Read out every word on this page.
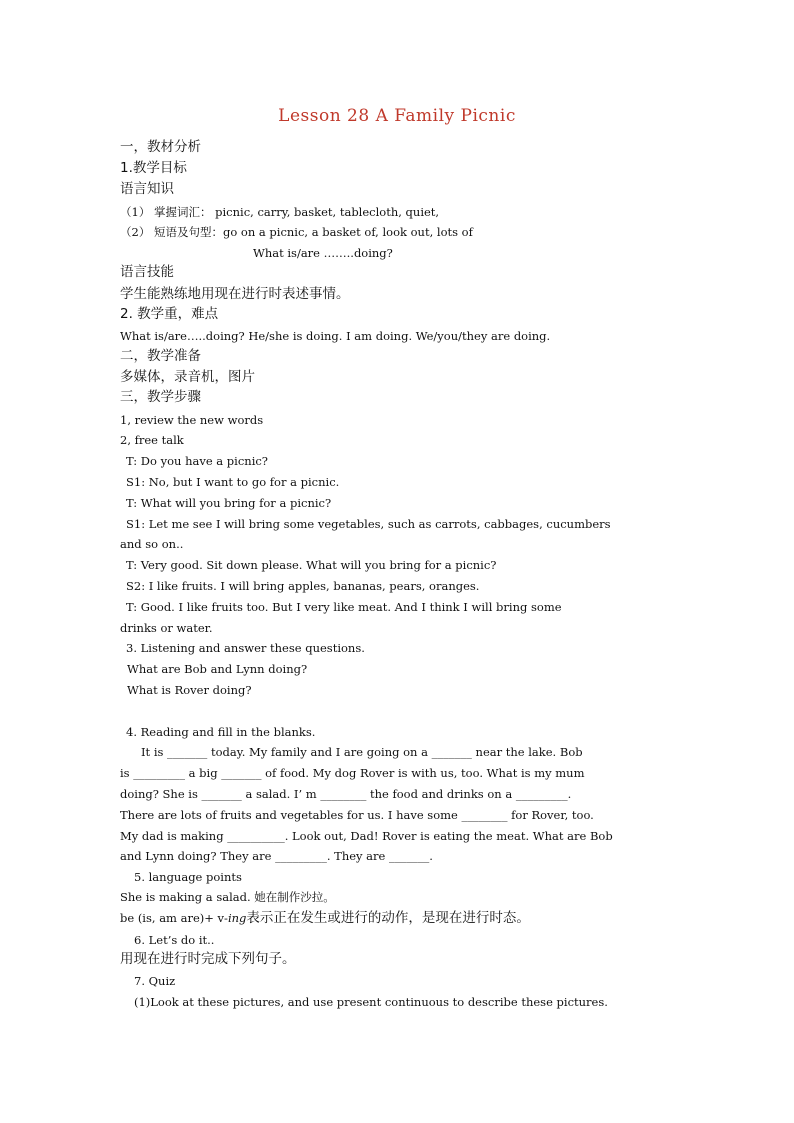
Lesson 28 A Family Picnic
一，教材分析
1.教学目标
语言知识
（1） 掌握词汇： picnic, carry, basket, tablecloth, quiet,
（2） 短语及句型：go on a picnic, a basket of, look out, lots of
What is/are ……..doing?
语言技能
学生能熟练地用现在进行时表述事情。
2. 教学重，难点
What is/are…..doing? He/she is doing. I am doing. We/you/they are doing.
二，教学准备
多媒体，录音机，图片
三，教学步骤
1, review the new words
2, free talk
T: Do you have a picnic?
S1: No, but I want to go for a picnic.
T: What will you bring for a picnic?
S1: Let me see I will bring some vegetables, such as carrots, cabbages, cucumbers
and so on..
T: Very good. Sit down please. What will you bring for a picnic?
S2: I like fruits. I will bring apples, bananas, pears, oranges.
T: Good. I like fruits too. But I very like meat. And I think I will bring some
drinks or water.
3. Listening and answer these questions.
What are Bob and Lynn doing?
What is Rover doing?
4. Reading and fill in the blanks.
It is _______ today. My family and I are going on a _______ near the lake. Bob
is _________ a big _______ of food. My dog Rover is with us, too. What is my mum
doing? She is _______ a salad. I’ m ________ the food and drinks on a _________.
There are lots of fruits and vegetables for us. I have some ________ for Rover, too.
My dad is making __________. Look out, Dad! Rover is eating the meat. What are Bob
and Lynn doing? They are _________. They are _______.
5. language points
She is making a salad. 她在制作沙拉。
be (is, am are)+ v-ing表示正在发生或进行的动作，是现在进行时态。
6. Let’s do it..
用现在进行时完成下列句子。
7. Quiz
(1)Look at these pictures, and use present continuous to describe these pictures.
